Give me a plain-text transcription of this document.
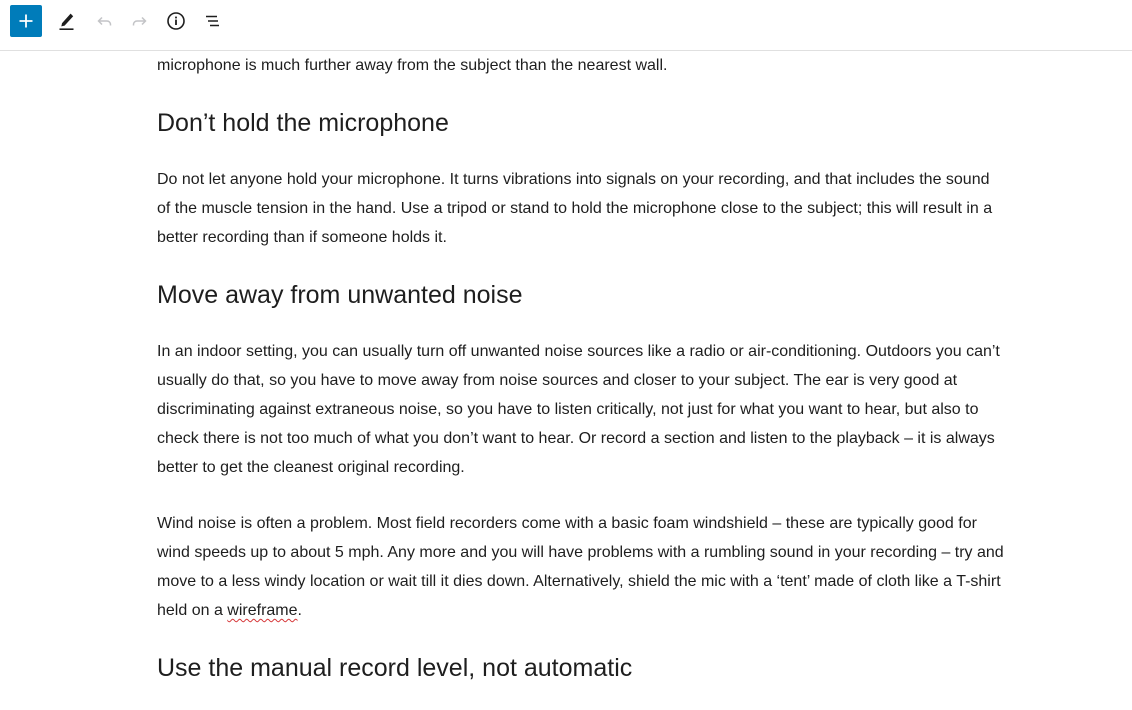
microphone is much further away from the subject than the nearest wall.

Don’t hold the microphone

Do not let anyone hold your microphone. It turns vibrations into signals on your recording, and that includes the sound of the muscle tension in the hand. Use a tripod or stand to hold the microphone close to the subject; this will result in a better recording than if someone holds it.

Move away from unwanted noise

In an indoor setting, you can usually turn off unwanted noise sources like a radio or air-conditioning. Outdoors you can’t usually do that, so you have to move away from noise sources and closer to your subject. The ear is very good at discriminating against extraneous noise, so you have to listen critically, not just for what you want to hear, but also to check there is not too much of what you don’t want to hear. Or record a section and listen to the playback – it is always better to get the cleanest original recording.

Wind noise is often a problem. Most field recorders come with a basic foam windshield – these are typically good for wind speeds up to about 5 mph. Any more and you will have problems with a rumbling sound in your recording – try and move to a less windy location or wait till it dies down. Alternatively, shield the mic with a ‘tent’ made of cloth like a T-shirt held on a wireframe.

Use the manual record level, not automatic
